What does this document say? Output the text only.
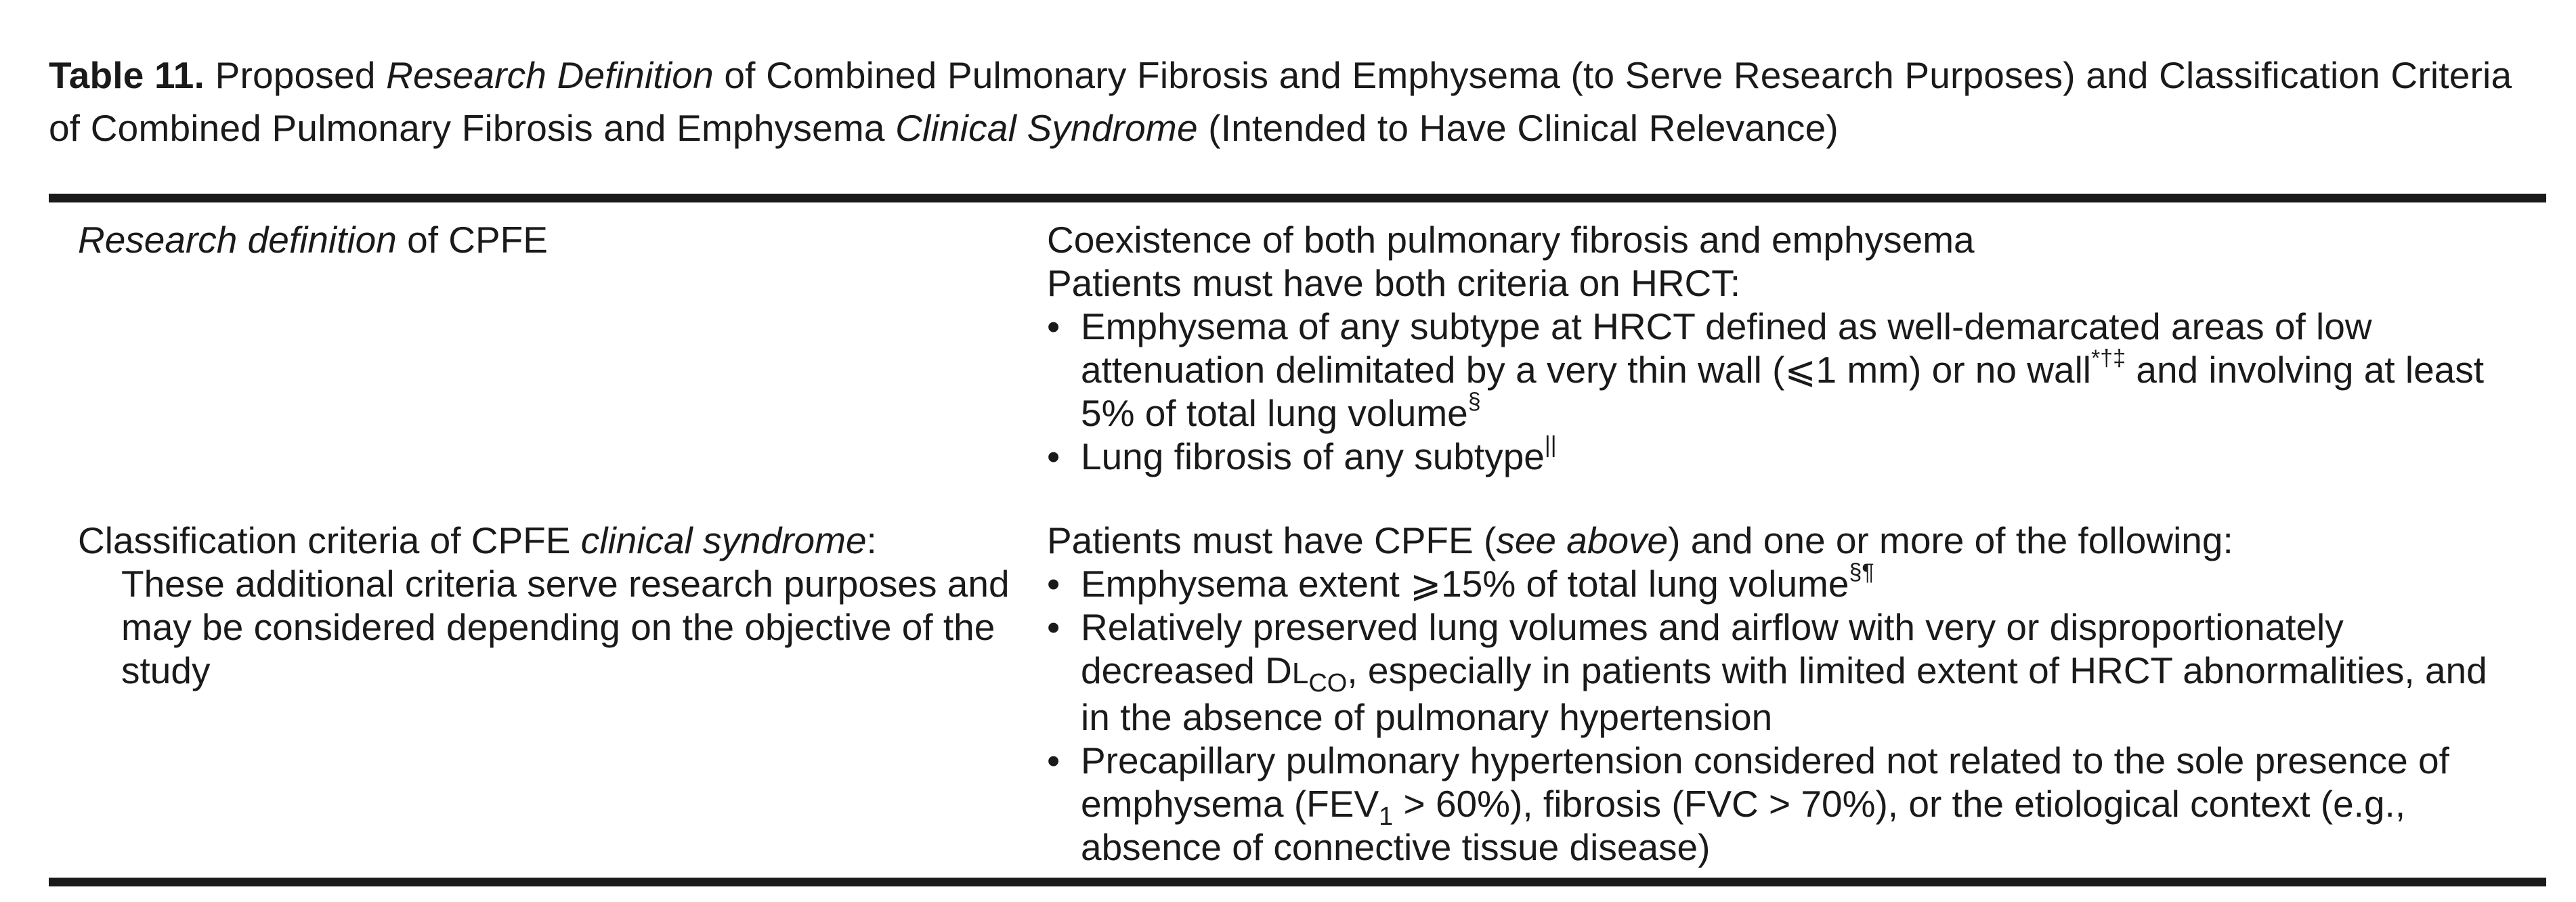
Table 11. Proposed Research Definition of Combined Pulmonary Fibrosis and Emphysema (to Serve Research Purposes) and Classification Criteria of Combined Pulmonary Fibrosis and Emphysema Clinical Syndrome (Intended to Have Clinical Relevance)
Research definition of CPFE	Coexistence of both pulmonary fibrosis and emphysema
Patients must have both criteria on HRCT:
• Emphysema of any subtype at HRCT defined as well-demarcated areas of low attenuation delimitated by a very thin wall (⩽1 mm) or no wall*†‡ and involving at least 5% of total lung volume§
• Lung fibrosis of any subtype||
Classification criteria of CPFE clinical syndrome:
These additional criteria serve research purposes and may be considered depending on the objective of the study
Patients must have CPFE (see above) and one or more of the following:
• Emphysema extent ⩾15% of total lung volume§¶
• Relatively preserved lung volumes and airflow with very or disproportionately decreased $DL_{CO}$, especially in patients with limited extent of HRCT abnormalities, and in the absence of pulmonary hypertension
• Precapillary pulmonary hypertension considered not related to the sole presence of emphysema $(FEV_1 > 60\%)$, fibrosis (FVC > 70%), or the etiological context (e.g., absence of connective tissue disease)
